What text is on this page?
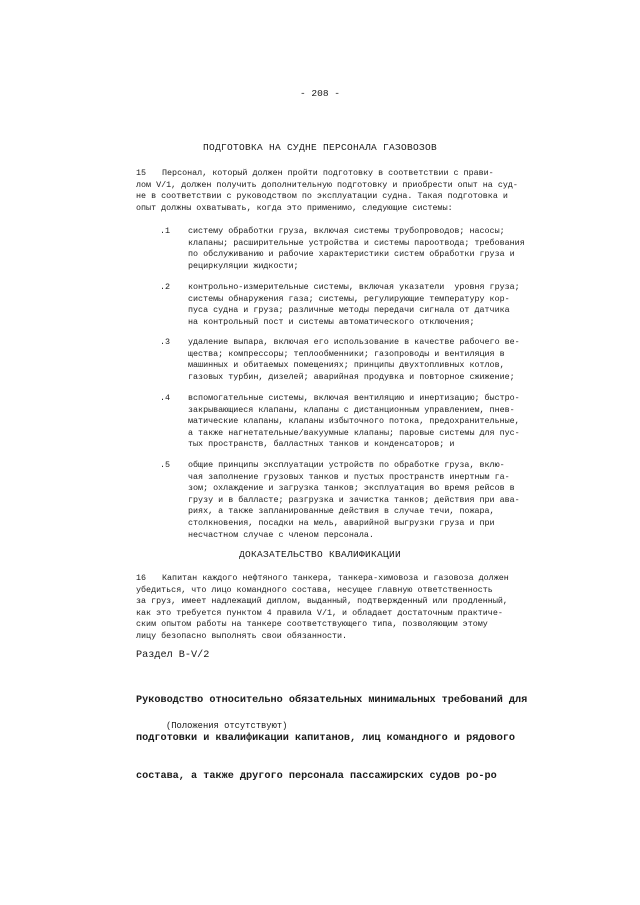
- 208 -
ПОДГОТОВКА НА СУДНЕ ПЕРСОНАЛА ГАЗОВОЗОВ
15 Персонал, который должен пройти подготовку в соответствии с прави-
лом V/1, должен получить дополнительную подготовку и приобрести опыт на суд-
не в соответствии с руководством по эксплуатации судна. Такая подготовка и
опыт должны охватывать, когда это применимо, следующие системы:
.1 систему обработки груза, включая системы трубопроводов; насосы;
клапаны; расширительные устройства и системы пароотвода; требования
по обслуживанию и рабочие характеристики систем обработки груза и
рециркуляции жидкости;
.2 контрольно-измерительные системы, включая указатели  уровня груза;
системы обнаружения газа; системы, регулирующие температуру кор-
пуса судна и груза; различные методы передачи сигнала от датчика
на контрольный пост и системы автоматического отключения;
.3 удаление выпара, включая его использование в качестве рабочего ве-
щества; компрессоры; теплообменники; газопроводы и вентиляция в
машинных и обитаемых помещениях; принципы двухтопливных котлов,
газовых турбин, дизелей; аварийная продувка и повторное сжижение;
.4 вспомогательные системы, включая вентиляцию и инертизацию; быстро-
закрывающиеся клапаны, клапаны с дистанционным управлением, пнев-
матические клапаны, клапаны избыточного потока, предохранительные,
а также нагнетательные/вакуумные клапаны; паровые системы для пус-
тых пространств, балластных танков и конденсаторов; и
.5 общие принципы эксплуатации устройств по обработке груза, вклю-
чая заполнение грузовых танков и пустых пространств инертным га-
зом; охлаждение и загрузка танков; эксплуатация во время рейсов в
грузу и в балласте; разгрузка и зачистка танков; действия при ава-
риях, а также запланированные действия в случае течи, пожара,
столкновения, посадки на мель, аварийной выгрузки груза и при
несчастном случае с членом персонала.
ДОКАЗАТЕЛЬСТВО КВАЛИФИКАЦИИ
16 Капитан каждого нефтяного танкера, танкера-химовоза и газовоза должен
убедиться, что лицо командного состава, несущее главную ответственность
за груз, имеет надлежащий диплом, выданный, подтвержденный или продленный,
как это требуется пунктом 4 правила V/1, и обладает достаточным практиче-
ским опытом работы на танкере соответствующего типа, позволяющим этому
лицу безопасно выполнять свои обязанности.
Раздел B-V/2

Руководство относительно обязательных минимальных требований для

подготовки и квалификации капитанов, лиц командного и рядового

состава, а также другого персонала пассажирских судов ро-ро

(Положения отсутствуют)
